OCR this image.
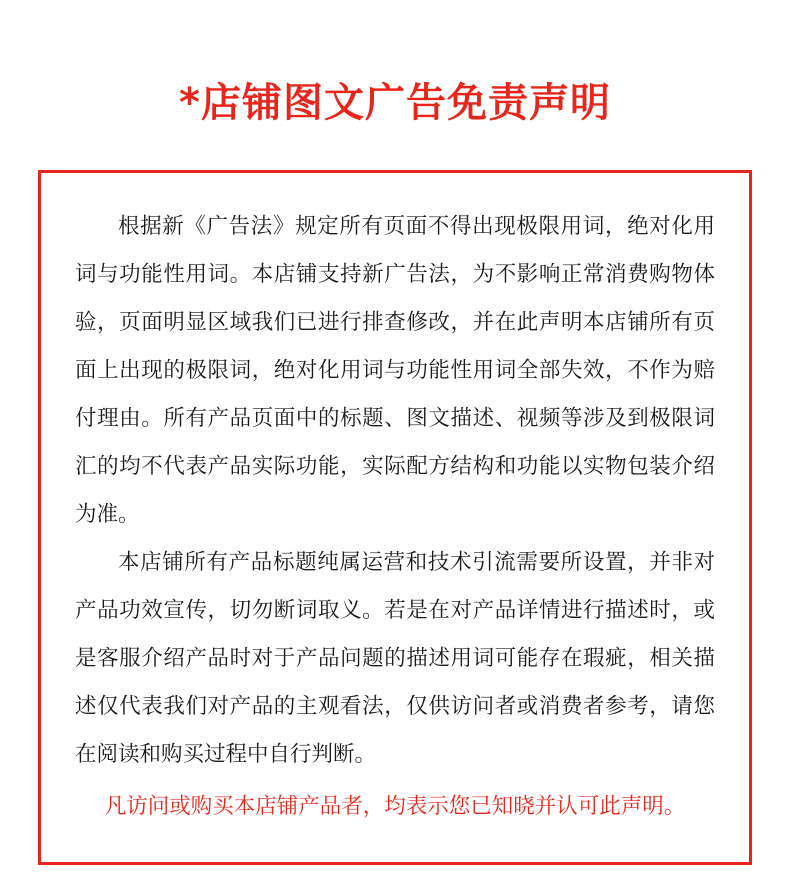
*店铺图文广告免责声明

根据新《广告法》规定所有页面不得出现极限用词，绝对化用词与功能性用词。本店铺支持新广告法，为不影响正常消费购物体验，页面明显区域我们已进行排查修改，并在此声明本店铺所有页面上出现的极限词，绝对化用词与功能性用词全部失效，不作为赔付理由。所有产品页面中的标题、图文描述、视频等涉及到极限词汇的均不代表产品实际功能，实际配方结构和功能以实物包装介绍为准。

本店铺所有产品标题纯属运营和技术引流需要所设置，并非对产品功效宣传，切勿断词取义。若是在对产品详情进行描述时，或是客服介绍产品时对于产品问题的描述用词可能存在瑕疵，相关描述仅代表我们对产品的主观看法，仅供访问者或消费者参考，请您在阅读和购买过程中自行判断。

凡访问或购买本店铺产品者，均表示您已知晓并认可此声明。
